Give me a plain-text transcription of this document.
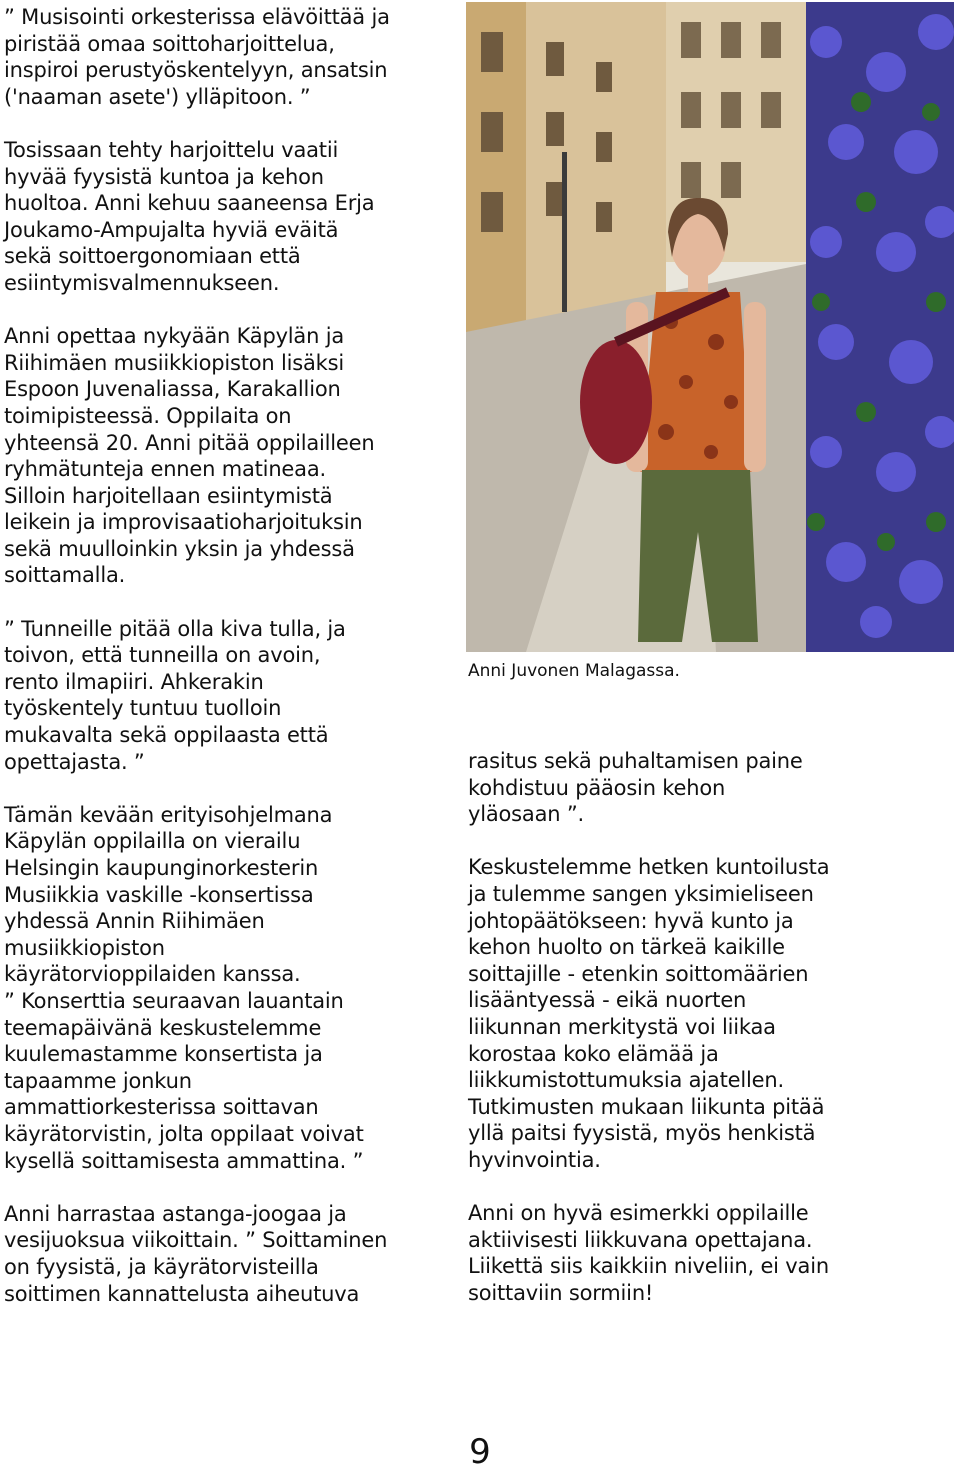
” Musisointi orkesterissa elävöittää ja
piristää omaa soittoharjoittelua,
inspiroi perustyöskentelyyn, ansatsin
('naaman asete') ylläpitoon. ”

Tosissaan tehty harjoittelu vaatii
hyvää fyysistä kuntoa ja kehon
huoltoa. Anni kehuu saaneensa Erja
Joukamo-Ampujalta hyviä eväitä
sekä soittoergonomiaan että
esiintymisvalmennukseen.

Anni opettaa nykyään Käpylän ja
Riihimäen musiikkiopiston lisäksi
Espoon Juvenaliassa, Karakallion
toimipisteessä. Oppilaita on
yhteensä 20. Anni pitää oppilailleen
ryhmätunteja ennen matineaa.
Silloin harjoitellaan esiintymistä
leikein ja improvisaatioharjoituksin
sekä muulloinkin yksin ja yhdessä
soittamalla.

” Tunneille pitää olla kiva tulla, ja
toivon, että tunneilla on avoin,
rento ilmapiiri. Ahkerakin
työskentely tuntuu tuolloin
mukavalta sekä oppilaasta että
opettajasta. ”

Tämän kevään erityisohjelmana
Käpylän oppilailla on vierailu
Helsingin kaupunginorkesterin
Musiikkia vaskille -konsertissa
yhdessä Annin Riihimäen
musiikkiopiston
käyrätorvioppilaiden kanssa.
” Konserttia seuraavan lauantain
teemapäivänä keskustelemme
kuulemastamme konsertista ja
tapaamme jonkun
ammattiorkesterissa soittavan
käyrätorvistin, jolta oppilaat voivat
kysellä soittamisesta ammattina. ”

Anni harrastaa astanga-joogaa ja
vesijuoksua viikoittain. ” Soittaminen
on fyysistä, ja käyrätorvisteilla
soittimen kannattelusta aiheutuva

Anni Juvonen Malagassa.

rasitus sekä puhaltamisen paine
kohdistuu pääosin kehon
yläosaan ”.

Keskustelemme hetken kuntoilusta
ja tulemme sangen yksimieliseen
johtopäätökseen: hyvä kunto ja
kehon huolto on tärkeä kaikille
soittajille - etenkin soittomäärien
lisääntyessä - eikä nuorten
liikunnan merkitystä voi liikaa
korostaa koko elämää ja
liikkumistottumuksia ajatellen.
Tutkimusten mukaan liikunta pitää
yllä paitsi fyysistä, myös henkistä
hyvinvointia.

Anni on hyvä esimerkki oppilaille
aktiivisesti liikkuvana opettajana.
Liikettä siis kaikkiin niveliin, ei vain
soittaviin sormiin!

9
